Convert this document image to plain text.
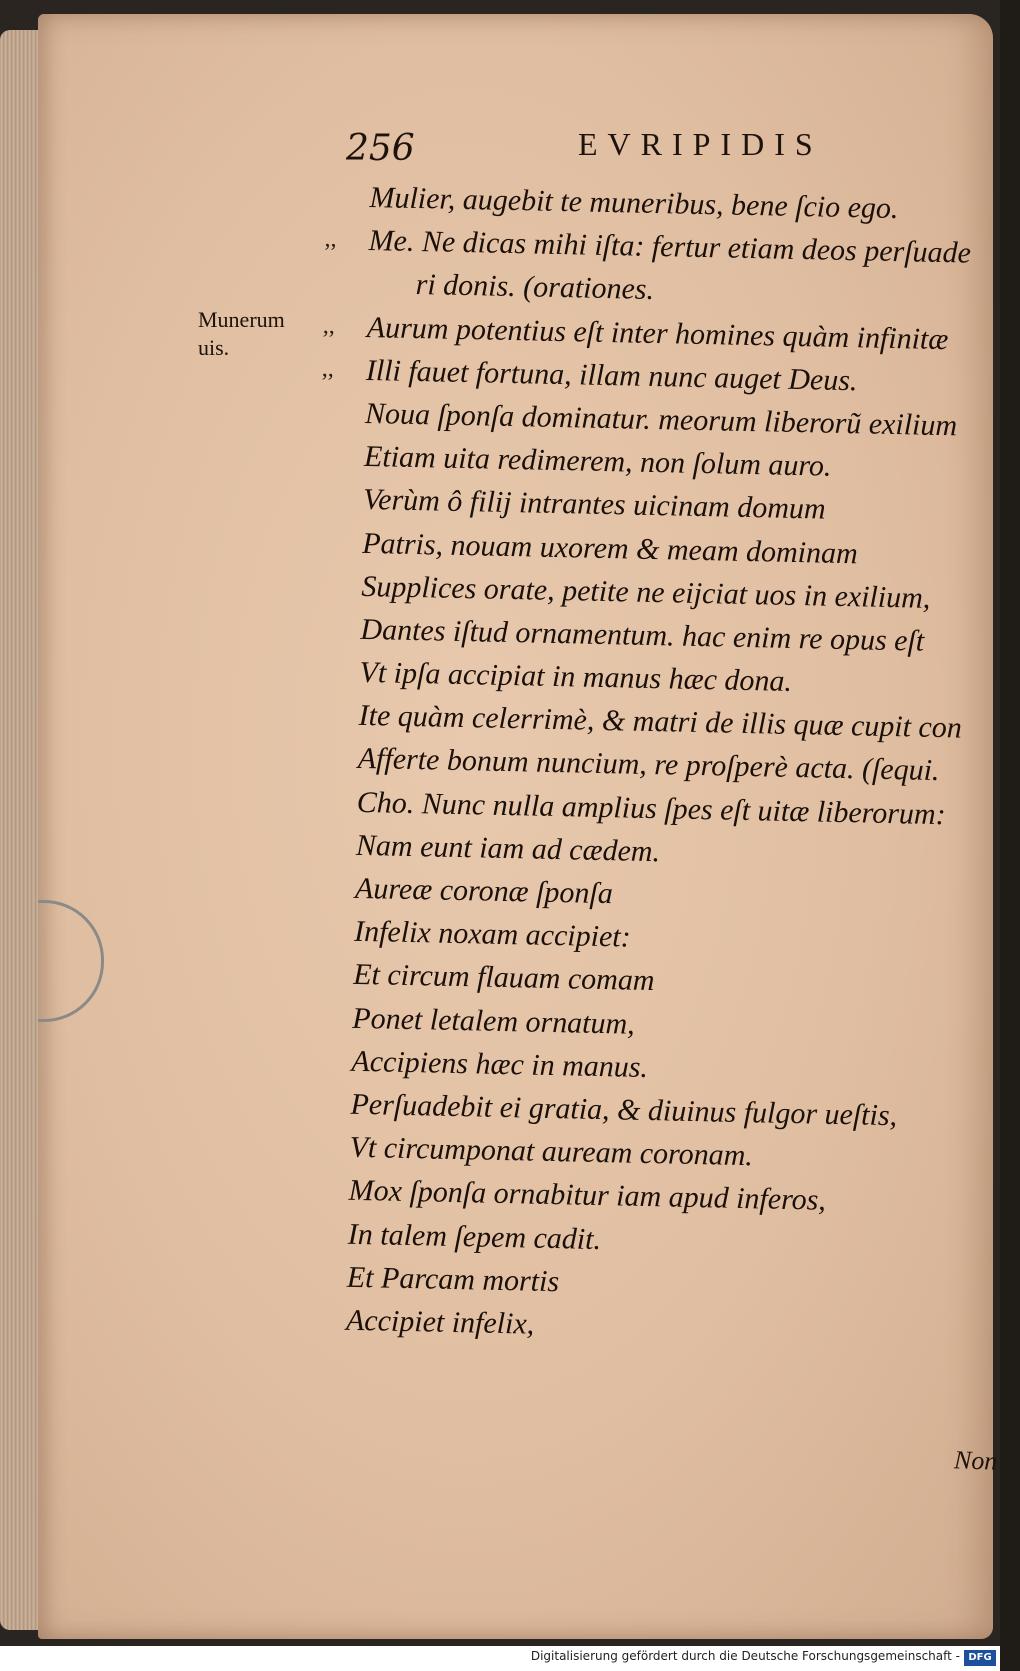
256	EVRIPIDIS
Munerum
uis.
Mulier, augebit te muneribus, bene ſcio ego.
,, Me. Ne dicas mihi iſta: fertur etiam deos perſuade
ri donis. (orationes.
,, Aurum potentius eſt inter homines quàm infinitæ
,, Illi fauet fortuna, illam nunc auget Deus.
Noua ſponſa dominatur. meorum liberorũ exilium
Etiam uita redimerem, non ſolum auro.
Verùm ô filij intrantes uicinam domum
Patris, nouam uxorem & meam dominam
Supplices orate, petite ne eijciat uos in exilium,
Dantes iſtud ornamentum. hac enim re opus eſt
Vt ipſa accipiat in manus hæc dona.
Ite quàm celerrimè, & matri de illis quæ cupit con
Afferte bonum nuncium, re proſperè acta. (ſequi.
Cho. Nunc nulla amplius ſpes eſt uitæ liberorum:
Nam eunt iam ad cædem.
Aureæ coronæ ſponſa
Infelix noxam accipiet:
Et circum flauam comam
Ponet letalem ornatum,
Accipiens hæc in manus.
Perſuadebit ei gratia, & diuinus fulgor ueſtis,
Vt circumponat auream coronam.
Mox ſponſa ornabitur iam apud inferos,
In talem ſepem cadit.
Et Parcam mortis
Accipiet infelix,
Non
Digitalisierung gefördert durch die Deutsche Forschungsgemeinschaft - DFG
